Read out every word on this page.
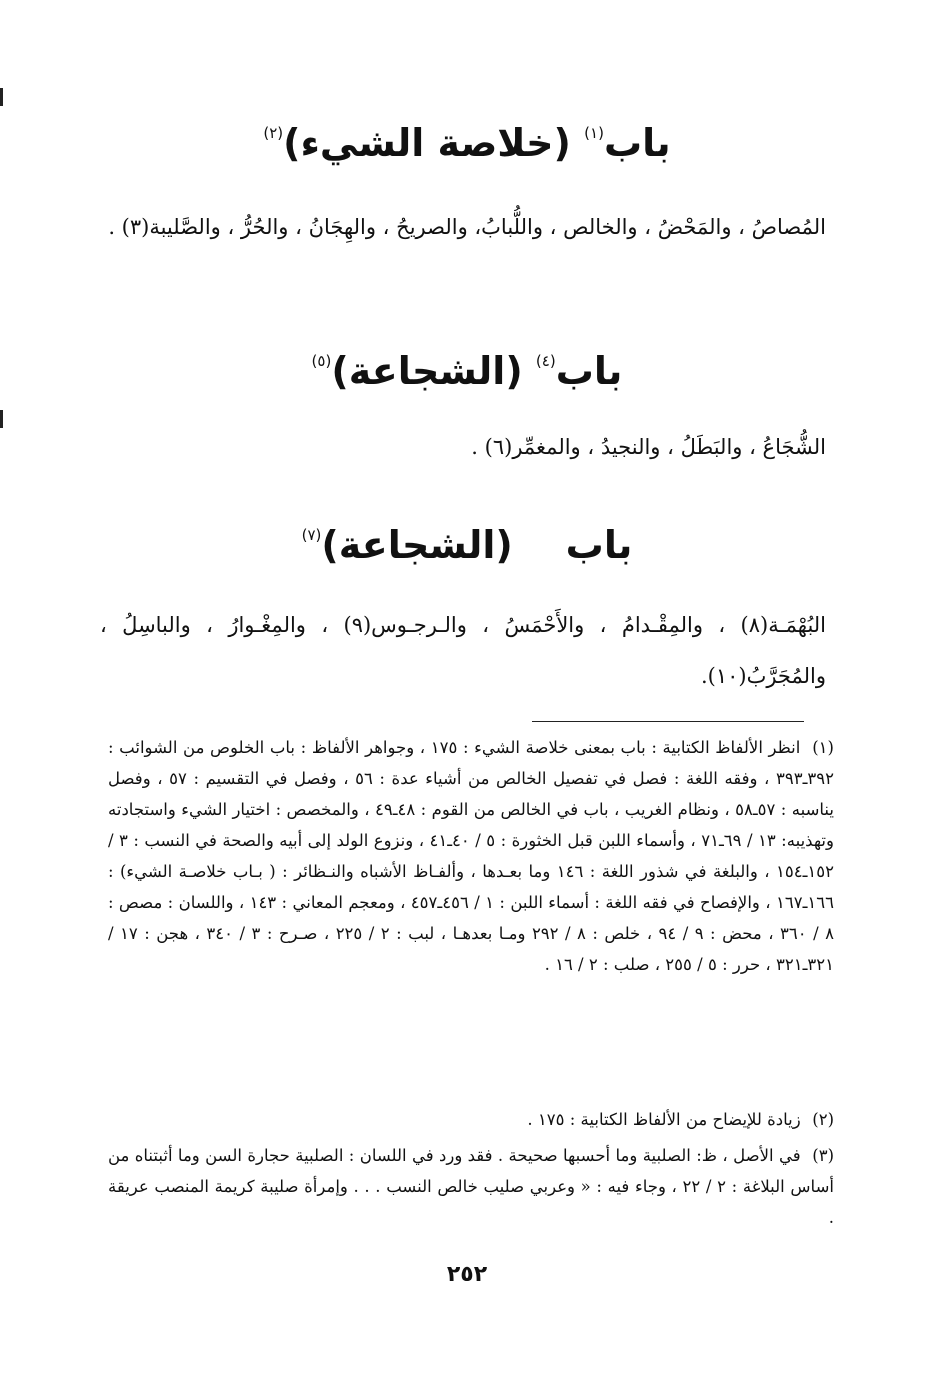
باب$^{(١)}$ (خلاصة الشيء)$^{(٢)}$
المُصاصُ ، والمَحْضُ ، والخالص ، واللُّبابُ، والصريحُ ، والهِجَانُ ، والحُرُّ ، والصَّليبة(٣) .
باب$^{(٤)}$ (الشجاعة)$^{(٥)}$
الشُّجَاعُ ، والبَطَلُ ، والنجيدُ ، والمغمِّر(٦) .
باب    (الشجاعة)$^{(٧)}$
البُهْمَـة(٨) ، والمِقْـدامُ ، والأَحْمَسُ ، والـرجـوس(٩) ، والمِغْـوارُ ، والباسِلُ ، والمُجَرَّبُ(١٠).
(١) انظر الألفاظ الكتابية : باب بمعنى خلاصة الشيء : ١٧٥ ، وجواهر الألفاظ : باب الخلوص من الشوائب : ٣٩٢ـ٣٩٣ ، وفقه اللغة : فصل في تفصيل الخالص من أشياء عدة : ٥٦ ، وفصل في التقسيم : ٥٧ ، وفصل يناسبه : ٥٧ـ٥٨ ، ونظام الغريب ، باب في الخالص من القوم : ٤٨ـ٤٩ ، والمخصص : اختيار الشيء واستجادته وتهذيبه: ١٣ / ٦٩ـ٧١ ، وأسماء اللبن قبل الخثورة : ٥ / ٤٠ـ٤١ ، ونزوع الولد إلى أبيه والصحة في النسب : ٣ /١٥٢ـ١٥٤ ، والبلغة في شذور اللغة : ١٤٦ وما بعـدها ، وألفـاظ الأشباه والنـظائر : ( بـاب خلاصـة الشيء) : ١٦٦ـ١٦٧ ، والإفصاح في فقه اللغة : أسماء اللبن : ١ / ٤٥٦ـ٤٥٧ ، ومعجم المعاني : ١٤٣ ، واللسان : مصص : ٨ / ٣٦٠ ، محض : ٩ / ٩٤ ، خلص : ٨ / ٢٩٢ ومـا بعدهـا ، لبب : ٢ / ٢٢٥ ، صـرح : ٣ / ٣٤٠ ، هجن : ١٧ / ٣٢١ـ٣٢١ ، حرر : ٥ / ٢٥٥ ، صلب : ٢ / ١٦ .
(٢) زيادة للإيضاح من الألفاظ الكتابية : ١٧٥ .
(٣) في الأصل ، ظ: الصلبية وما أحسبها صحيحة . فقد ورد في اللسان : الصلبية حجارة السن وما أثبتناه من أساس البلاغة : ٢ / ٢٢ ، وجاء فيه : « وعربي صليب خالص النسب . . . وإمرأة صليبة كريمة المنصب عريقة .
٢٥٢
